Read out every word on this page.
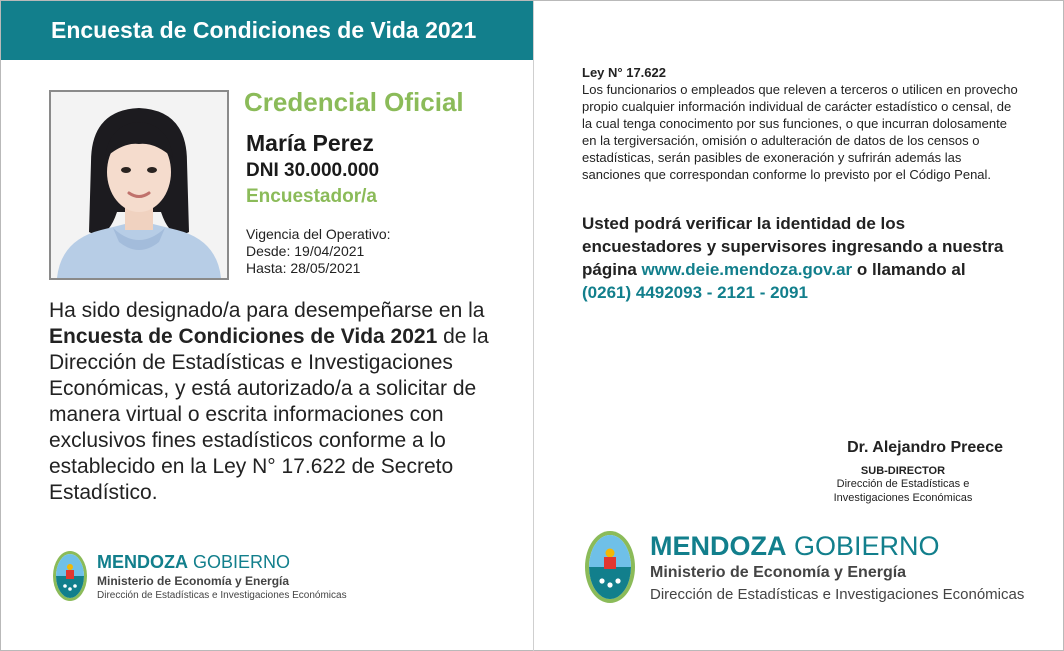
Encuesta de Condiciones de Vida 2021
Credencial Oficial
María Perez
DNI 30.000.000
Encuestador/a
Vigencia del Operativo:
Desde: 19/04/2021
Hasta: 28/05/2021
Ha sido designado/a para desempeñarse en la Encuesta de Condiciones de Vida 2021 de la Dirección de Estadísticas e Investigaciones Económicas, y está autorizado/a a solicitar de manera virtual o escrita informaciones con exclusivos fines estadísticos conforme a lo establecido en la Ley N° 17.622 de Secreto Estadístico.
MENDOZA GOBIERNO
Ministerio de Economía y Energía
Dirección de Estadísticas e Investigaciones Económicas
Ley N° 17.622
Los funcionarios o empleados que releven a terceros o utilicen en provecho propio cualquier información individual de carácter estadístico o censal, de la cual tenga conocimento por sus funciones, o que incurran dolosamente en la tergiversación, omisión o adulteración de datos de los censos o estadísticas, serán pasibles de exoneración y sufrirán además las sanciones que correspondan conforme lo previsto por el Código Penal.
Usted podrá verificar la identidad de los encuestadores y supervisores ingresando a nuestra página www.deie.mendoza.gov.ar o llamando al
(0261) 4492093 - 2121 - 2091
Dr. Alejandro Preece
SUB-DIRECTOR
Dirección de Estadísticas e
Investigaciones Económicas
MENDOZA GOBIERNO
Ministerio de Economía y Energía
Dirección de Estadísticas e Investigaciones Económicas
